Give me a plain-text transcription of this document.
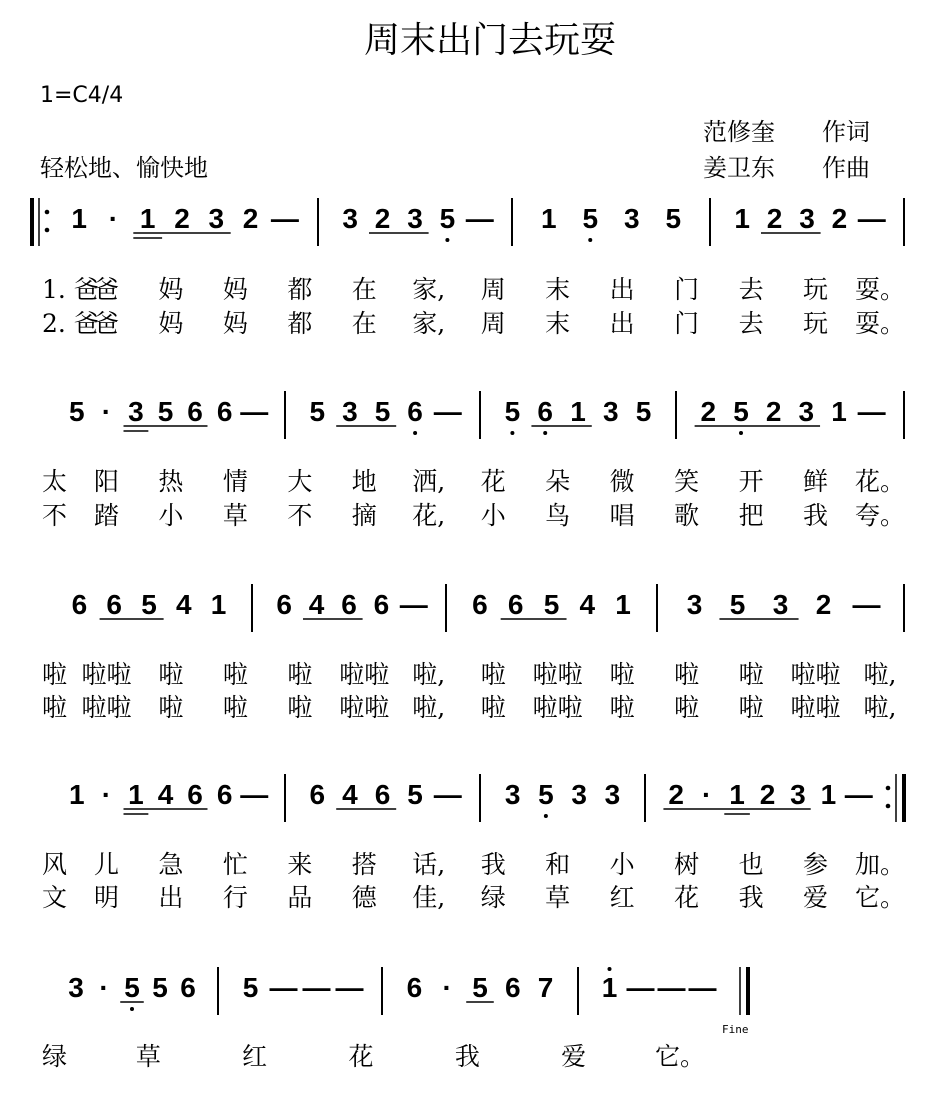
周末出门去玩耍
1=C4/4
范修奎 作词
姜卫东 作曲
轻松地、愉快地
1 · 1 2 3 2 — 3 2 3 5 — 1 5 3 5 1 2 3 2 —
1. 爸
爸 妈 妈 都 在 家, 周 末 出 门 去 玩 耍。
2. 爸
爸 妈 妈 都 在 家, 周 末 出 门 去 玩 耍。
5 · 3 5 6 6 — 5 3 5 6 — 5 6 1 3 5 2 5 2 3 1 —
太 阳 热 情 大 地 洒, 花 朵 微 笑 开 鲜 花。
不 踏 小 草 不 摘 花, 小 鸟 唱 歌 把 我 夸。
6 6 5 4 1 6 4 6 6 — 6 6 5 4 1 3 5 3 2 —
啦 啦啦 啦 啦 啦 啦啦 啦, 啦 啦啦 啦 啦 啦 啦啦 啦,
啦 啦啦 啦 啦 啦 啦啦 啦, 啦 啦啦 啦 啦 啦 啦啦 啦,
1 · 1 4 6 6 — 6 4 6 5 — 3 5 3 3 2 · 1 2 3 1 —
风 儿 急 忙 来 搭 话, 我 和 小 树 也 参 加。
文 明 出 行 品 德 佳, 绿 草 红 花 我 爱 它。
3 · 5 5 6 5 — — — 6 · 5 6 7 1 — — —
绿	草	红	花	我	爱	它。
Fine
